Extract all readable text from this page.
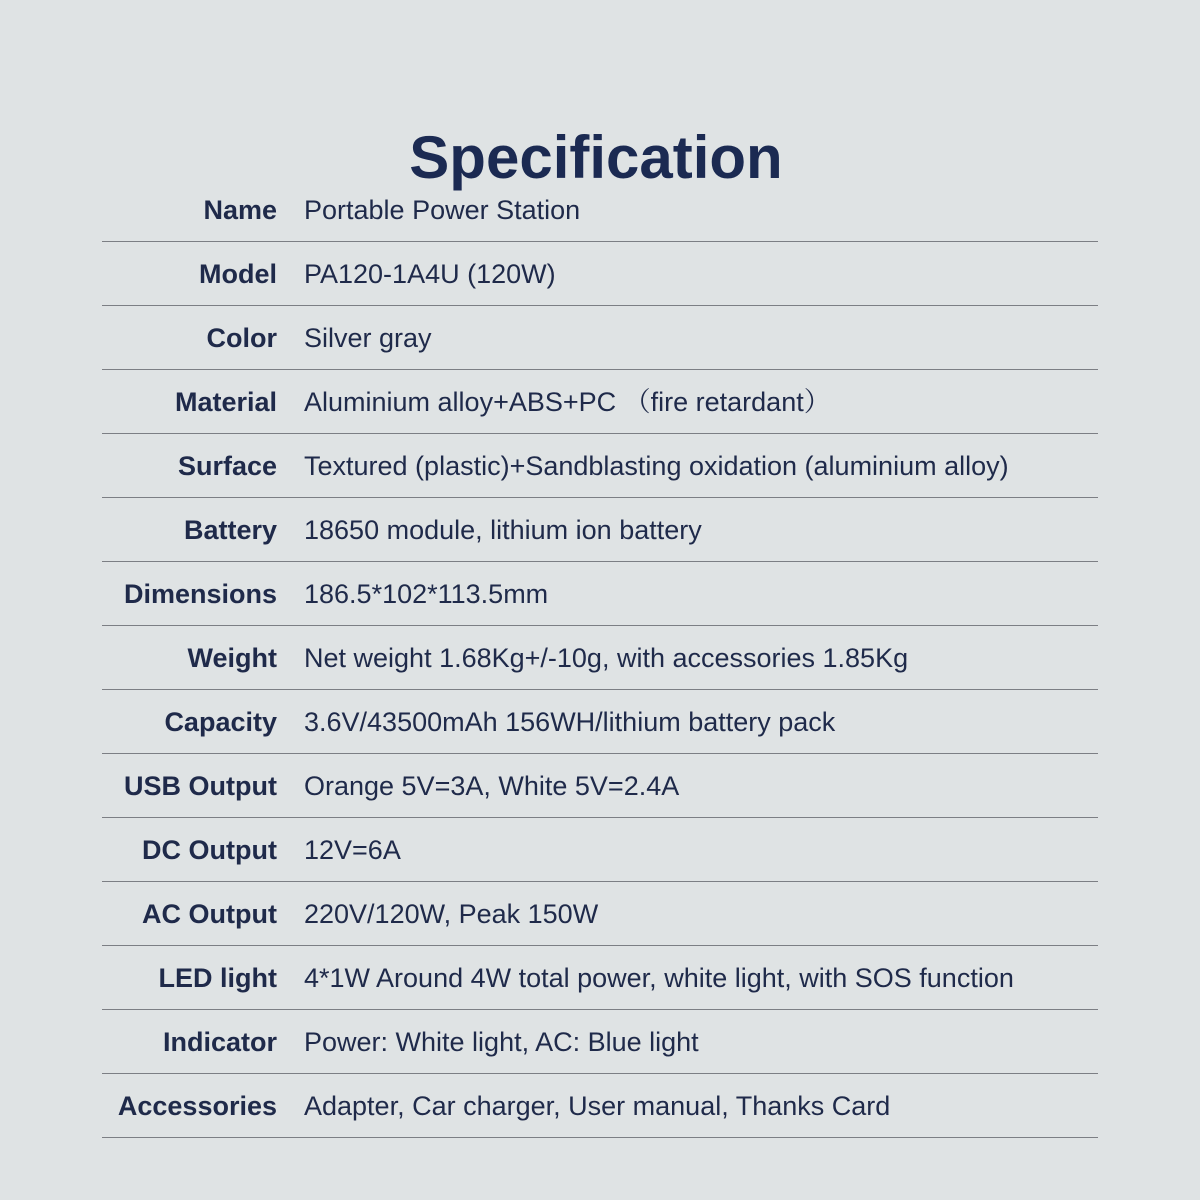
Specification
Name Portable Power Station
Model PA120-1A4U (120W)
Color Silver gray
Material Aluminium alloy+ABS+PC （fire retardant）
Surface Textured (plastic)+Sandblasting oxidation (aluminium alloy)
Battery 18650 module, lithium ion battery
Dimensions 186.5*102*113.5mm
Weight Net weight 1.68Kg+/-10g, with accessories 1.85Kg
Capacity 3.6V/43500mAh 156WH/lithium battery pack
USB Output Orange 5V=3A, White 5V=2.4A
DC Output 12V=6A
AC Output 220V/120W, Peak 150W
LED light 4*1W Around 4W total power, white light, with SOS function
Indicator Power: White light, AC: Blue light
Accessories Adapter, Car charger, User manual, Thanks Card
